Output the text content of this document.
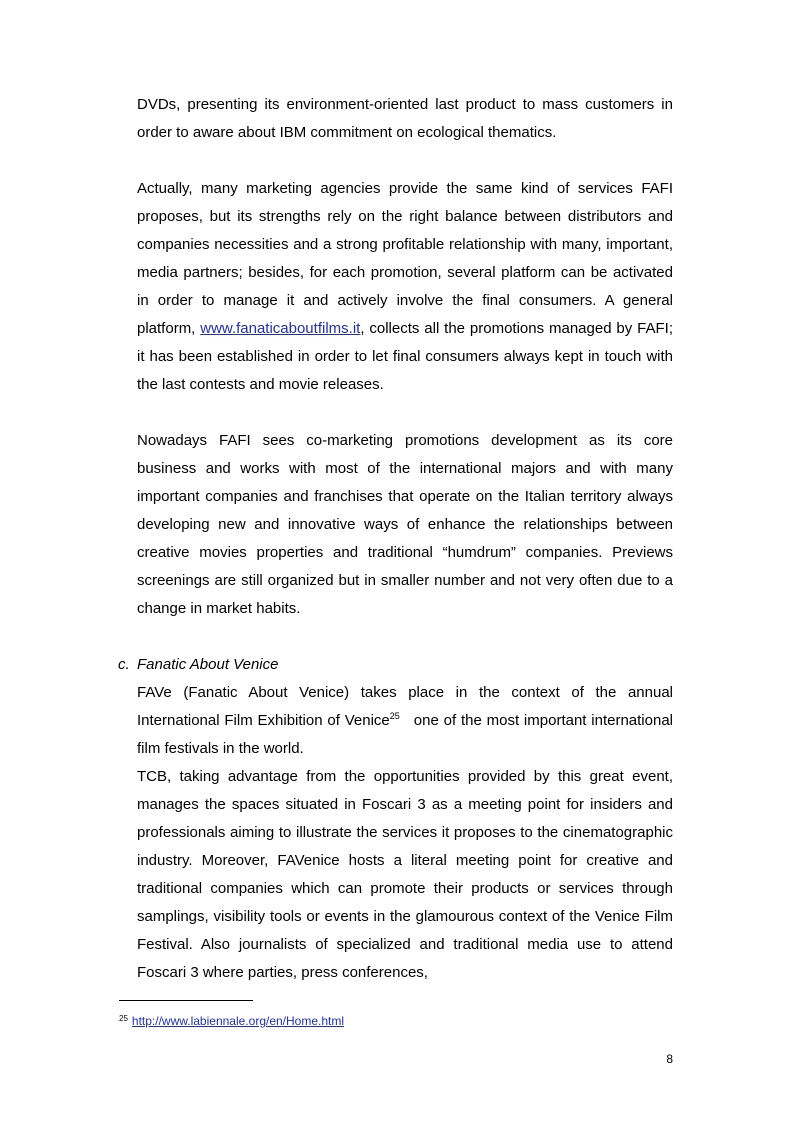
DVDs, presenting its environment-oriented last product to mass customers in order to aware about IBM commitment on ecological thematics.

Actually, many marketing agencies provide the same kind of services FAFI proposes, but its strengths rely on the right balance between distributors and companies necessities and a strong profitable relationship with many, important, media partners; besides, for each promotion, several platform can be activated in order to manage it and actively involve the final consumers. A general platform, www.fanaticaboutfilms.it, collects all the promotions managed by FAFI; it has been established in order to let final consumers always kept in touch with the last contests and movie releases.

Nowadays FAFI sees co-marketing promotions development as its core business and works with most of the international majors and with many important companies and franchises that operate on the Italian territory always developing new and innovative ways of enhance the relationships between creative movies properties and traditional “humdrum” companies. Previews screenings are still organized but in smaller number and not very often due to a change in market habits.

c. Fanatic About Venice

FAVe (Fanatic About Venice) takes place in the context of the annual International Film Exhibition of Venice$^{25}$ one of the most important international film festivals in the world.

TCB, taking advantage from the opportunities provided by this great event, manages the spaces situated in Foscari 3 as a meeting point for insiders and professionals aiming to illustrate the services it proposes to the cinematographic industry. Moreover, FAVenice hosts a literal meeting point for creative and traditional companies which can promote their products or services through samplings, visibility tools or events in the glamourous context of the Venice Film Festival. Also journalists of specialized and traditional media use to attend Foscari 3 where parties, press conferences,

$^{25}$ http://www.labiennale.org/en/Home.html
8
